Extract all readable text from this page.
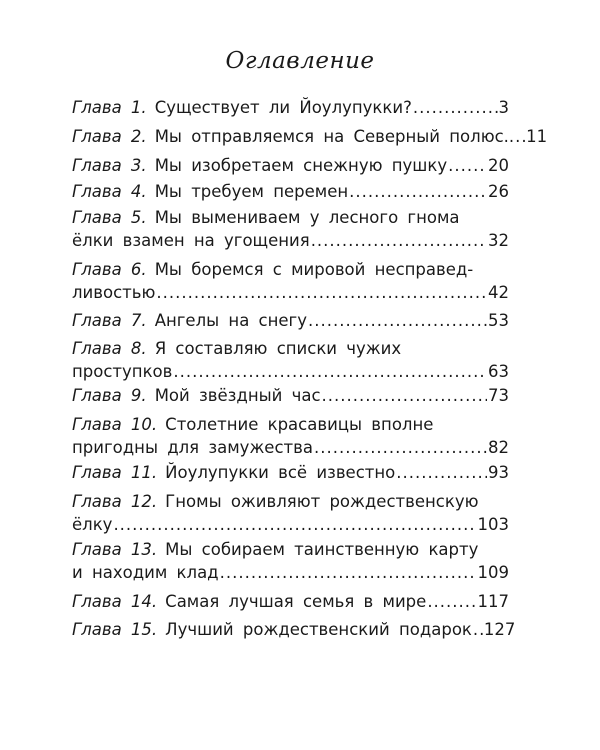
Оглавление
Глава 1. Существует ли Йоулупукки? .....	3
Глава 2. Мы отправляемся на Северный полюс.. ..... 11
Глава 3. Мы изобретаем снежную пушку ..... 20
Глава 4. Мы требуем перемен .....	26
Глава 5. Мы выменивaем у лесного гнома
ёлки взамен на угощения .....	32
Глава 6. Мы боремся с мировой несправед-
ливостью .....	42
Глава 7. Ангелы на снегу .....	53
Глава 8. Я составляю списки чужих
проступков .....	63
Глава 9. Мой звёздный час .....	73
Глава 10. Столетние красавицы вполне
пригодны для замужества .....	82
Глава 11. Йоулупукки всё известно .....	93
Глава 12. Гномы оживляют рождественскую
ёлку .....	103
Глава 13. Мы собираем таинственную карту
и находим клад .....	109
Глава 14. Самая лучшая семья в мире .....	117
Глава 15. Лучший рождественский подарок ..... 127
